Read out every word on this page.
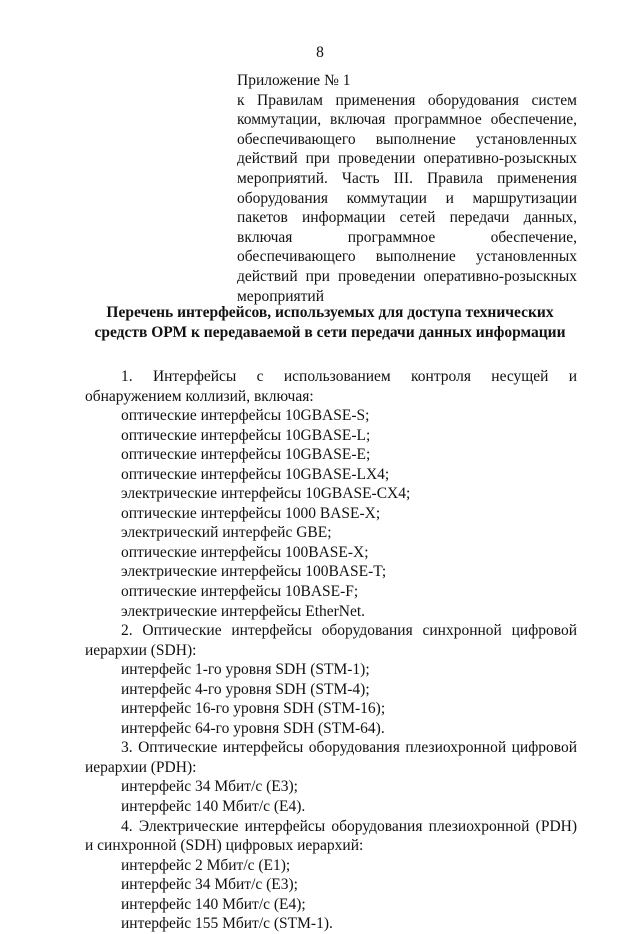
8
Приложение № 1
к Правилам применения оборудования систем коммутации, включая программное обеспечение, обеспечивающего выполнение установленных действий при проведении оперативно-розыскных мероприятий. Часть III. Правила применения оборудования коммутации и маршрутизации пакетов информации сетей передачи данных, включая программное обеспечение, обеспечивающего выполнение установленных действий при проведении оперативно-розыскных мероприятий
Перечень интерфейсов, используемых для доступа технических средств ОРМ к передаваемой в сети передачи данных информации
1. Интерфейсы с использованием контроля несущей и обнаружением коллизий, включая:
оптические интерфейсы 10GBASE-S;
оптические интерфейсы 10GBASE-L;
оптические интерфейсы 10GBASE-E;
оптические интерфейсы 10GBASE-LX4;
электрические интерфейсы 10GBASE-CX4;
оптические интерфейсы 1000 BASE-X;
электрический интерфейс GBE;
оптические интерфейсы 100BASE-X;
электрические интерфейсы 100BASE-T;
оптические интерфейсы 10BASE-F;
электрические интерфейсы EtherNet.
2. Оптические интерфейсы оборудования синхронной цифровой иерархии (SDH):
интерфейс 1-го уровня SDH (STM-1);
интерфейс 4-го уровня SDH (STM-4);
интерфейс 16-го уровня SDH (STM-16);
интерфейс 64-го уровня SDH (STM-64).
3. Оптические интерфейсы оборудования плезиохронной цифровой иерархии (PDH):
интерфейс 34 Мбит/с (E3);
интерфейс 140 Мбит/с (E4).
4. Электрические интерфейсы оборудования плезиохронной (PDH) и синхронной (SDH) цифровых иерархий:
интерфейс 2 Мбит/с (E1);
интерфейс 34 Мбит/с (E3);
интерфейс 140 Мбит/с (E4);
интерфейс 155 Мбит/с (STM-1).
